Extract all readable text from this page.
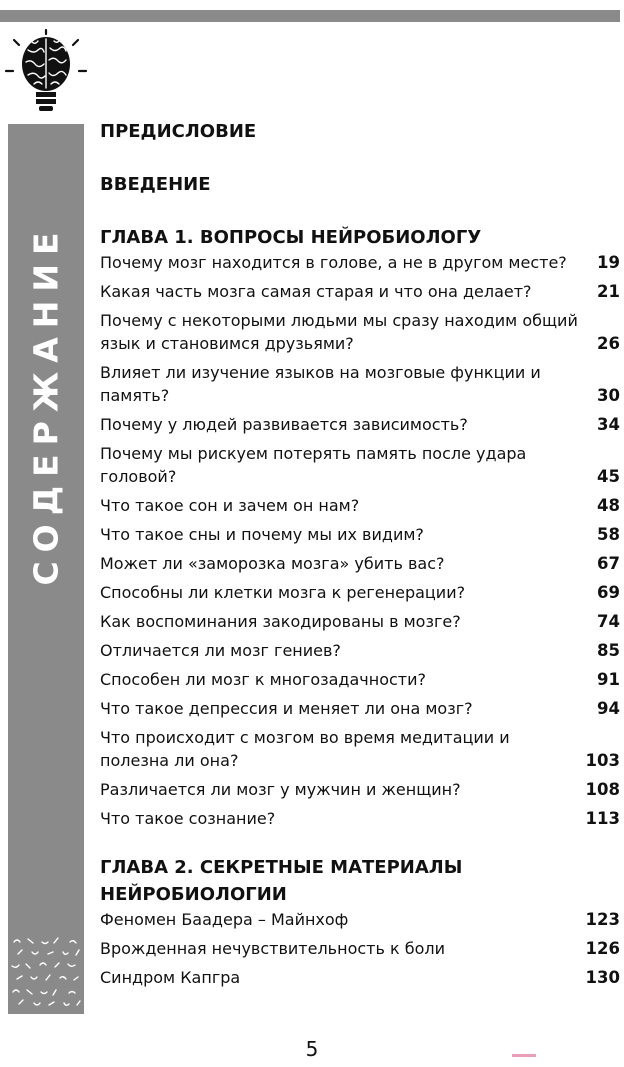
СОДЕРЖАНИЕ
ПРЕДИСЛОВИЕ
ВВЕДЕНИЕ
ГЛАВА 1. ВОПРОСЫ НЕЙРОБИОЛОГУ
Почему мозг находится в голове, а не в другом месте?	19
Какая часть мозга самая старая и что она делает?	21
Почему с некоторыми людьми мы сразу находим общий язык и становимся друзьями?	26
Влияет ли изучение языков на мозговые функции и память?	30
Почему у людей развивается зависимость?	34
Почему мы рискуем потерять память после удара головой?	45
Что такое сон и зачем он нам?	48
Что такое сны и почему мы их видим?	58
Может ли «заморозка мозга» убить вас?	67
Способны ли клетки мозга к регенерации?	69
Как воспоминания закодированы в мозге?	74
Отличается ли мозг гениев?	85
Способен ли мозг к многозадачности?	91
Что такое депрессия и меняет ли она мозг?	94
Что происходит с мозгом во время медитации и полезна ли она?	103
Различается ли мозг у мужчин и женщин?	108
Что такое сознание?	113
ГЛАВА 2. СЕКРЕТНЫЕ МАТЕРИАЛЫ НЕЙРОБИОЛОГИИ
Феномен Баадера – Майнхоф	123
Врожденная нечувствительность к боли	126
Синдром Капгра	130
5
